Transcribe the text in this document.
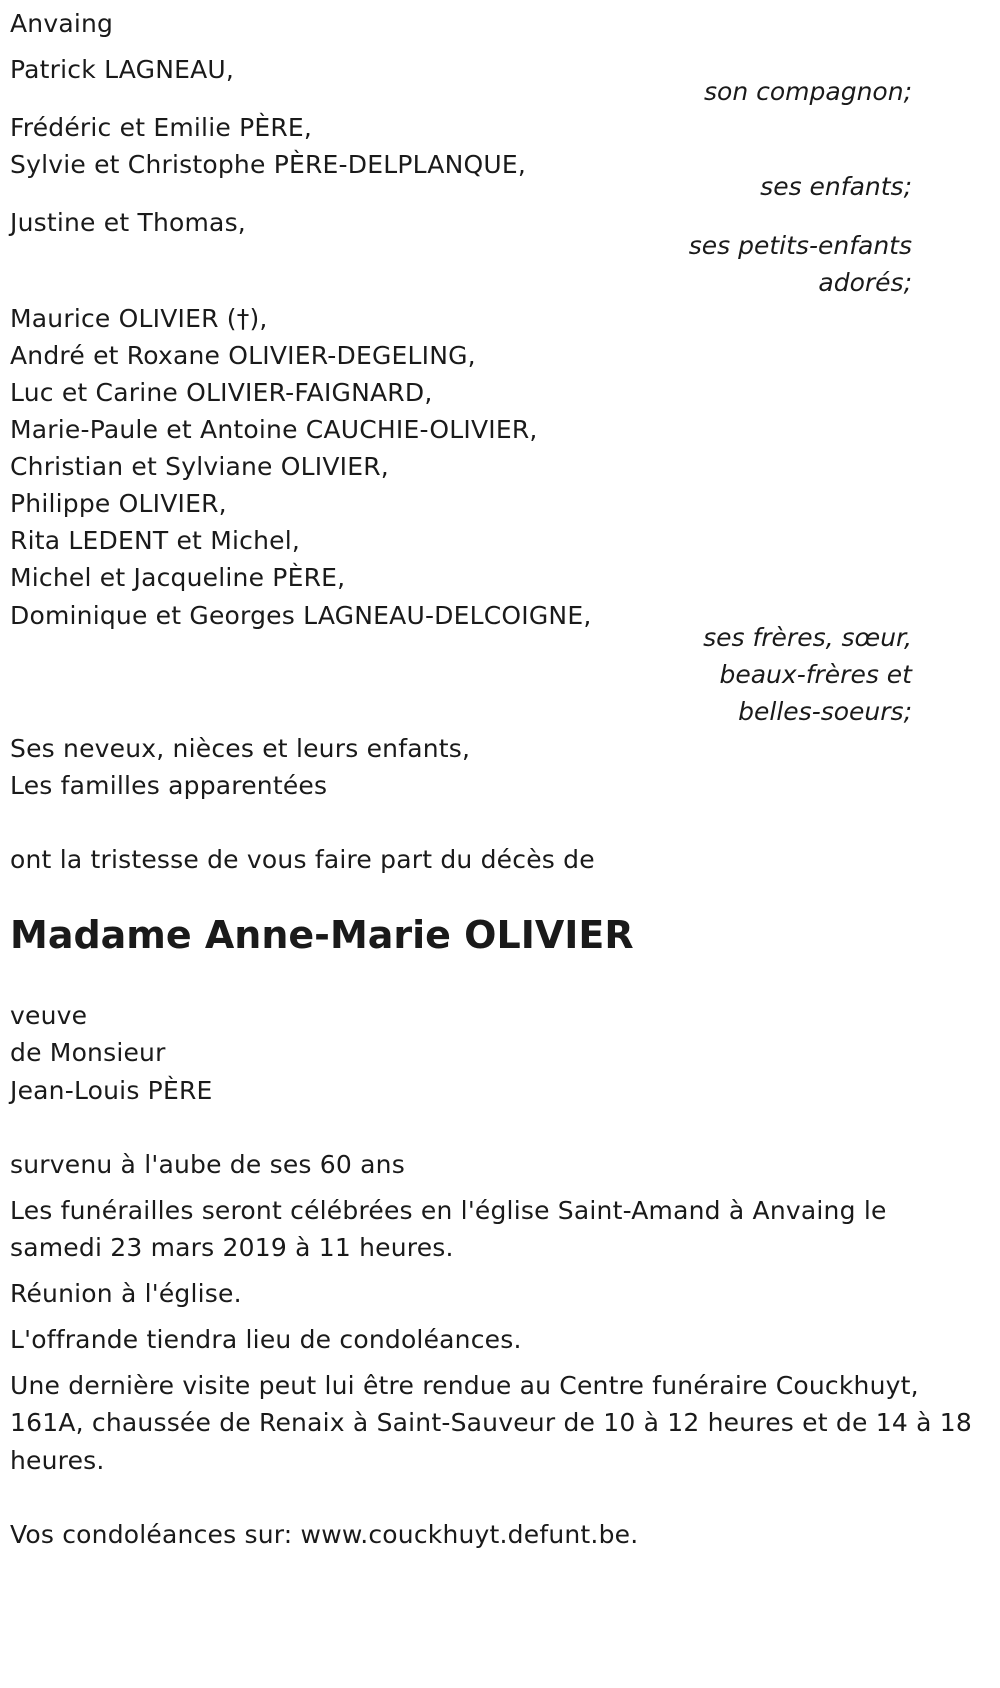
Anvaing
Patrick LAGNEAU,
son compagnon;
Frédéric et Emilie PÈRE,
Sylvie et Christophe PÈRE-DELPLANQUE,
ses enfants;
Justine et Thomas,
ses petits-enfants
adorés;
Maurice OLIVIER (†),
André et Roxane OLIVIER-DEGELING,
Luc et Carine OLIVIER-FAIGNARD,
Marie-Paule et Antoine CAUCHIE-OLIVIER,
Christian et Sylviane OLIVIER,
Philippe OLIVIER,
Rita LEDENT et Michel,
Michel et Jacqueline PÈRE,
Dominique et Georges LAGNEAU-DELCOIGNE,
ses frères, sœur,
beaux-frères et
belles-soeurs;
Ses neveux, nièces et leurs enfants,
Les familles apparentées
ont la tristesse de vous faire part du décès de
Madame Anne-Marie OLIVIER
veuve
de Monsieur
Jean-Louis PÈRE
survenu à l'aube de ses 60 ans
Les funérailles seront célébrées en l'église Saint-Amand à Anvaing le
samedi 23 mars 2019 à 11 heures.
Réunion à l'église.
L'offrande tiendra lieu de condoléances.
Une dernière visite peut lui être rendue au Centre funéraire Couckhuyt,
161A, chaussée de Renaix à Saint-Sauveur de 10 à 12 heures et de 14 à 18
heures.
Vos condoléances sur: www.couckhuyt.defunt.be.
